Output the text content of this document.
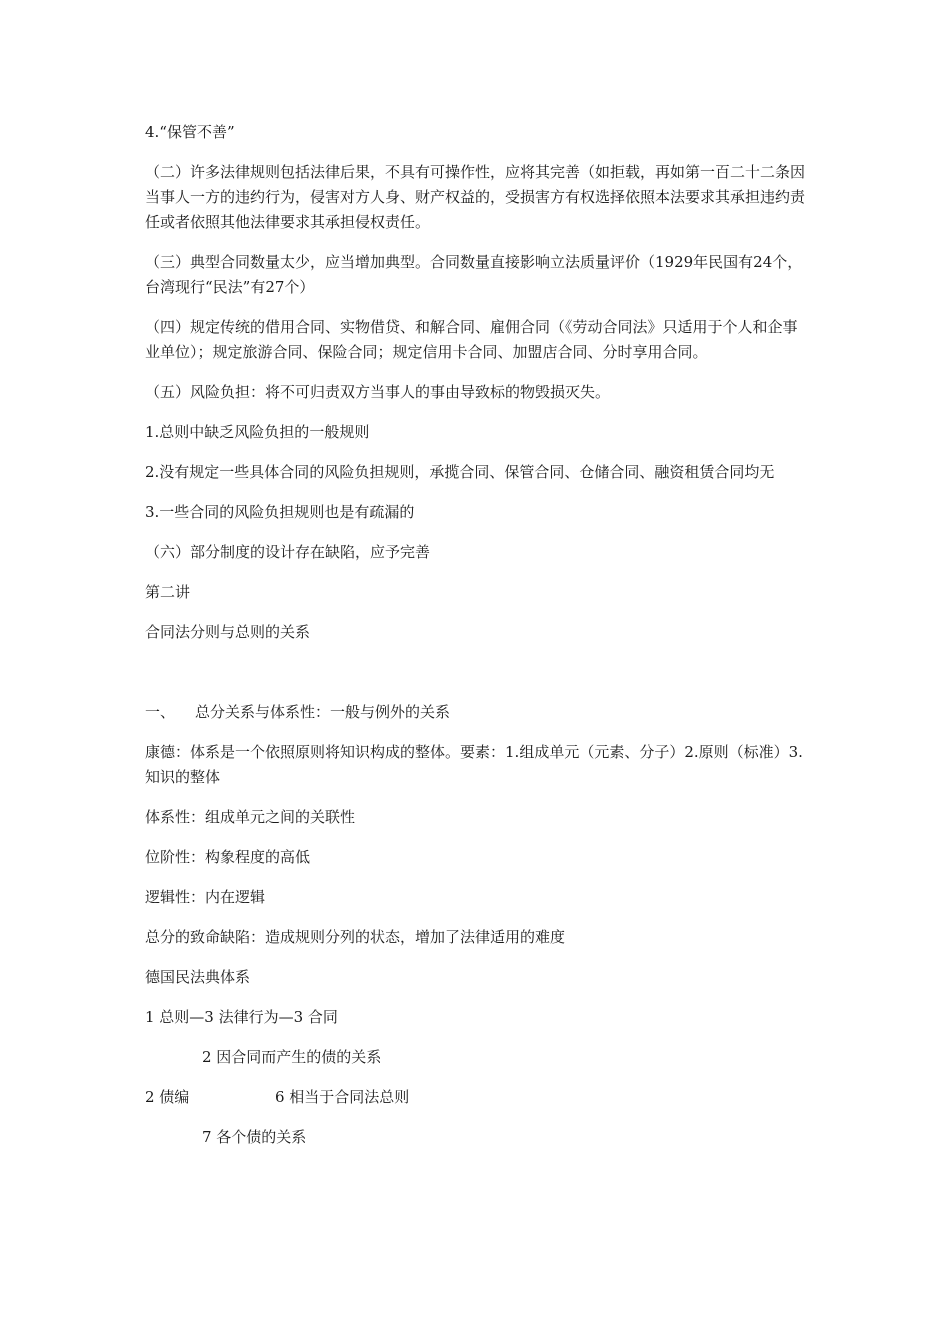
4.“保管不善”

（二）许多法律规则包括法律后果，不具有可操作性，应将其完善（如拒载，再如第一百二十二条因当事人一方的违约行为，侵害对方人身、财产权益的，受损害方有权选择依照本法要求其承担违约责任或者依照其他法律要求其承担侵权责任。

（三）典型合同数量太少，应当增加典型。合同数量直接影响立法质量评价（1929年民国有24个，台湾现行“民法”有27个）

（四）规定传统的借用合同、实物借贷、和解合同、雇佣合同（《劳动合同法》只适用于个人和企事业单位）；规定旅游合同、保险合同；规定信用卡合同、加盟店合同、分时享用合同。

（五）风险负担：将不可归责双方当事人的事由导致标的物毁损灭失。

1.总则中缺乏风险负担的一般规则

2.没有规定一些具体合同的风险负担规则，承揽合同、保管合同、仓储合同、融资租赁合同均无

3.一些合同的风险负担规则也是有疏漏的

（六）部分制度的设计存在缺陷，应予完善

第二讲

合同法分则与总则的关系

一、	总分关系与体系性：一般与例外的关系

康德：体系是一个依照原则将知识构成的整体。要素：1.组成单元（元素、分子）2.原则（标准）3.知识的整体

体系性：组成单元之间的关联性

位阶性：构象程度的高低

逻辑性：内在逻辑

总分的致命缺陷：造成规则分列的状态，增加了法律适用的难度

德国民法典体系

1 总则—3 法律行为—3 合同

2 因合同而产生的债的关系

2 债编	6 相当于合同法总则

7 各个债的关系
